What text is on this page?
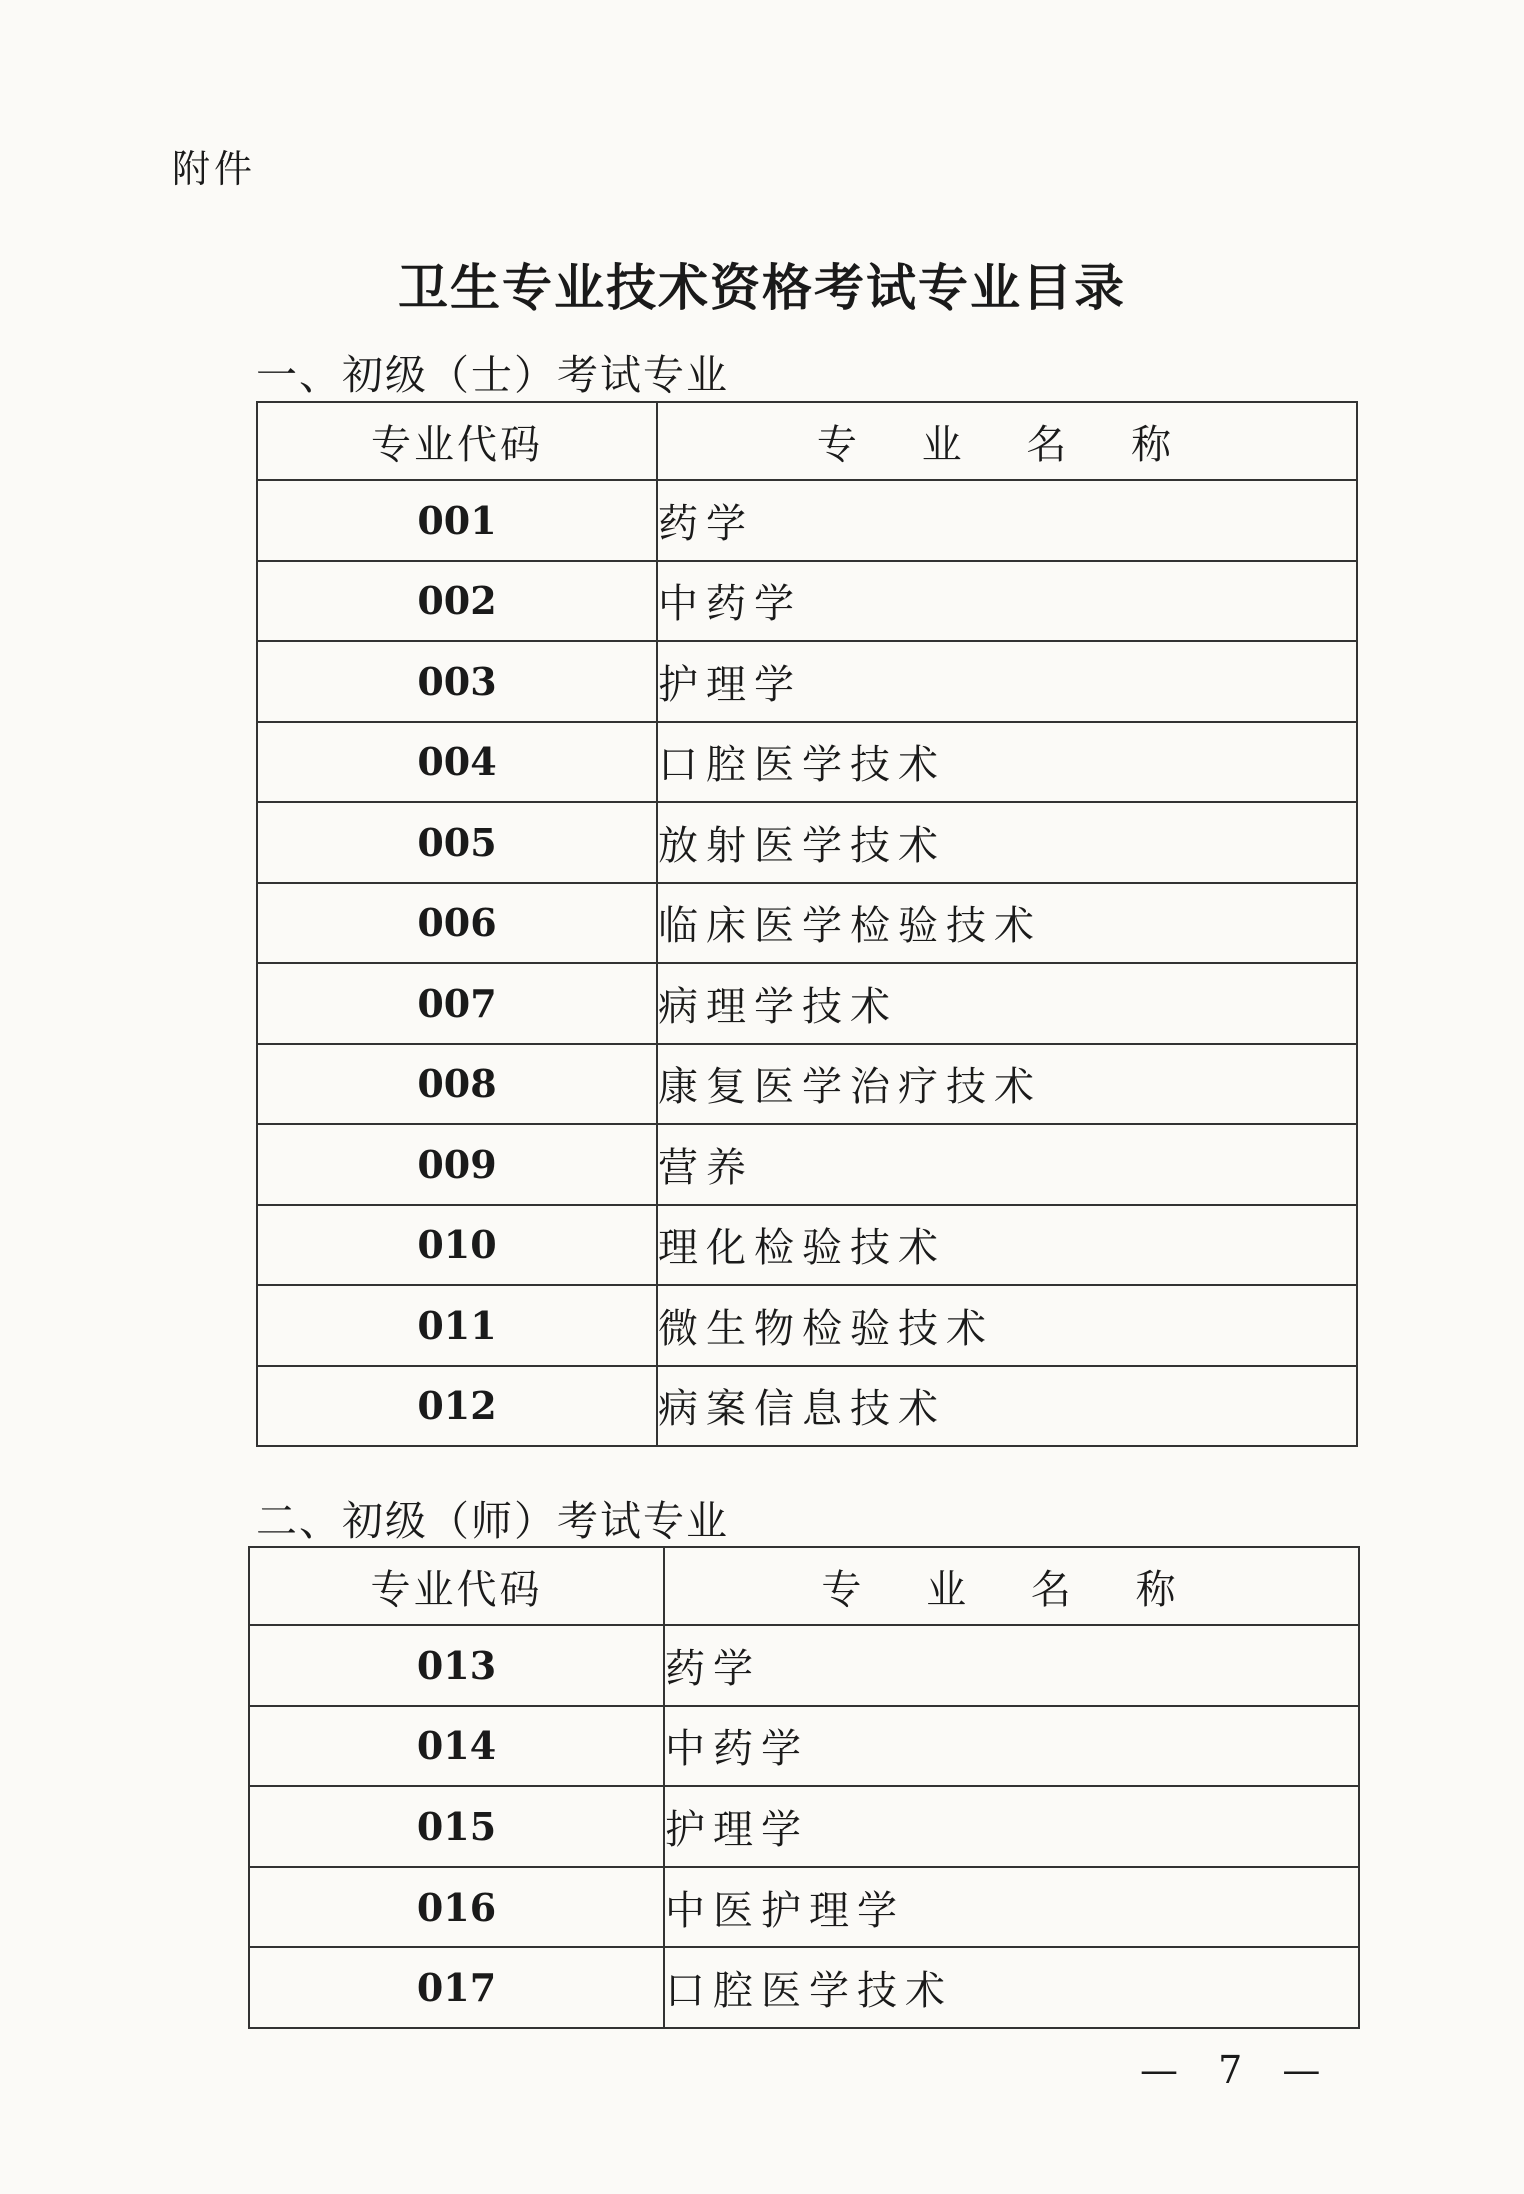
附件
卫生专业技术资格考试专业目录
一、初级（士）考试专业
专业代码	专 业 名 称
001	药学
002	中药学
003	护理学
004	口腔医学技术
005	放射医学技术
006	临床医学检验技术
007	病理学技术
008	康复医学治疗技术
009	营养
010	理化检验技术
011	微生物检验技术
012	病案信息技术
二、初级（师）考试专业
专业代码	专 业 名 称
013	药学
014	中药学
015	护理学
016	中医护理学
017	口腔医学技术
— 7 —
